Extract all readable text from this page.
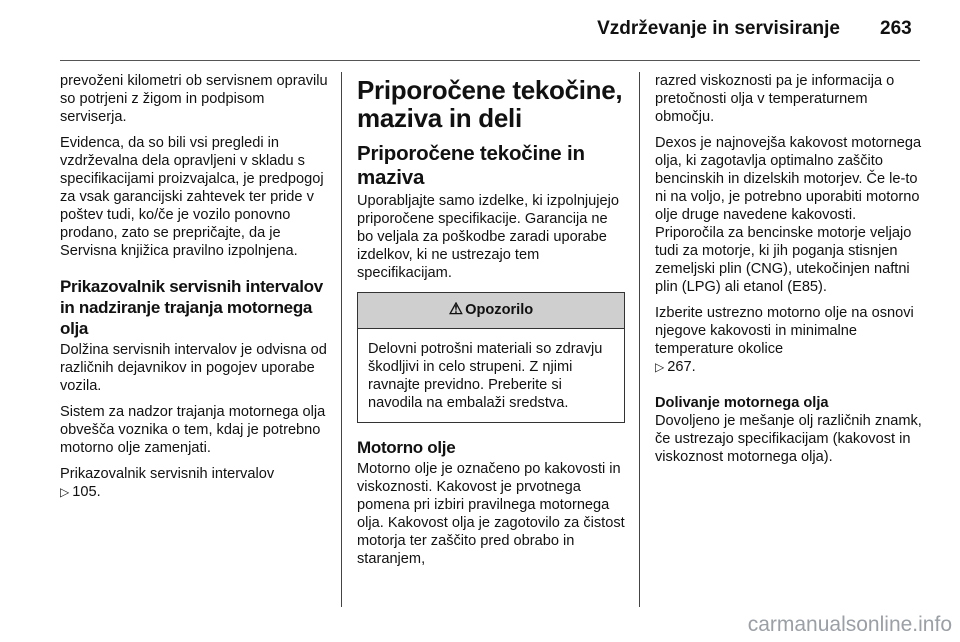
Vzdrževanje in servisiranje 263

prevoženi kilometri ob servisnem opravilu so potrjeni z žigom in podpisom serviserja.

Evidenca, da so bili vsi pregledi in vzdrževalna dela opravljeni v skladu s specifikacijami proizvajalca, je predpogoj za vsak garancijski zahtevek ter pride v poštev tudi, ko/če je vozilo ponovno prodano, zato se prepričajte, da je Servisna knjižica pravilno izpolnjena.

Prikazovalnik servisnih intervalov in nadziranje trajanja motornega olja

Dolžina servisnih intervalov je odvisna od različnih dejavnikov in pogojev uporabe vozila.

Sistem za nadzor trajanja motornega olja obvešča voznika o tem, kdaj je potrebno motorno olje zamenjati.

Prikazovalnik servisnih intervalov
▷ 105.

Priporočene tekočine, maziva in deli
Priporočene tekočine in maziva

Uporabljajte samo izdelke, ki izpolnjujejo priporočene specifikacije. Garancija ne bo veljala za poškodbe zaradi uporabe izdelkov, ki ne ustrezajo tem specifikacijam.

⚠ Opozorilo
Delovni potrošni materiali so zdravju škodljivi in celo strupeni. Z njimi ravnajte previdno. Preberite si navodila na embalaži sredstva.
Motorno olje

Motorno olje je označeno po kakovosti in viskoznosti. Kakovost je prvotnega pomena pri izbiri pravilnega motornega olja. Kakovost olja je zagotovilo za čistost motorja ter zaščito pred obrabo in staranjem,

razred viskoznosti pa je informacija o pretočnosti olja v temperaturnem območju.

Dexos je najnovejša kakovost motornega olja, ki zagotavlja optimalno zaščito bencinskih in dizelskih motorjev. Če le-to ni na voljo, je potrebno uporabiti motorno olje druge navedene kakovosti. Priporočila za bencinske motorje veljajo tudi za motorje, ki jih poganja stisnjen zemeljski plin (CNG), utekočinjen naftni plin (LPG) ali etanol (E85).

Izberite ustrezno motorno olje na osnovi njegove kakovosti in minimalne temperature okolice
▷ 267.

Dolivanje motornega olja

Dovoljeno je mešanje olj različnih znamk, če ustrezajo specifikacijam (kakovost in viskoznost motornega olja).

carmanualsonline.info
